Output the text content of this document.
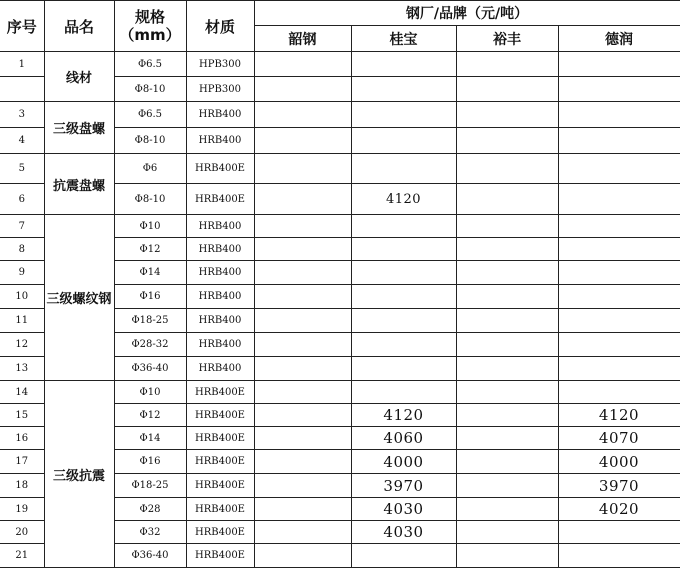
序号	品名	规格
（mm）	材质	钢厂/品牌（元/吨）			
				韶钢	桂宝	裕丰	德润
1	线材	Φ6.5	HPB300				
		Φ8-10	HPB300				
3	三级盘螺	Φ6.5	HRB400				
4		Φ8-10	HRB400				
5	抗震盘螺	Φ6	HRB400E				
6		Φ8-10	HRB400E		4120		
7	三级螺纹钢	Φ10	HRB400				
8		Φ12	HRB400				
9		Φ14	HRB400				
10		Φ16	HRB400				
11		Φ18-25	HRB400				
12		Φ28-32	HRB400				
13		Φ36-40	HRB400				
14	三级抗震	Φ10	HRB400E				
15		Φ12	HRB400E		4120		4120
16		Φ14	HRB400E		4060		4070
17		Φ16	HRB400E		4000		4000
18		Φ18-25	HRB400E		3970		3970
19		Φ28	HRB400E		4030		4020
20		Φ32	HRB400E		4030		
21		Φ36-40	HRB400E				
